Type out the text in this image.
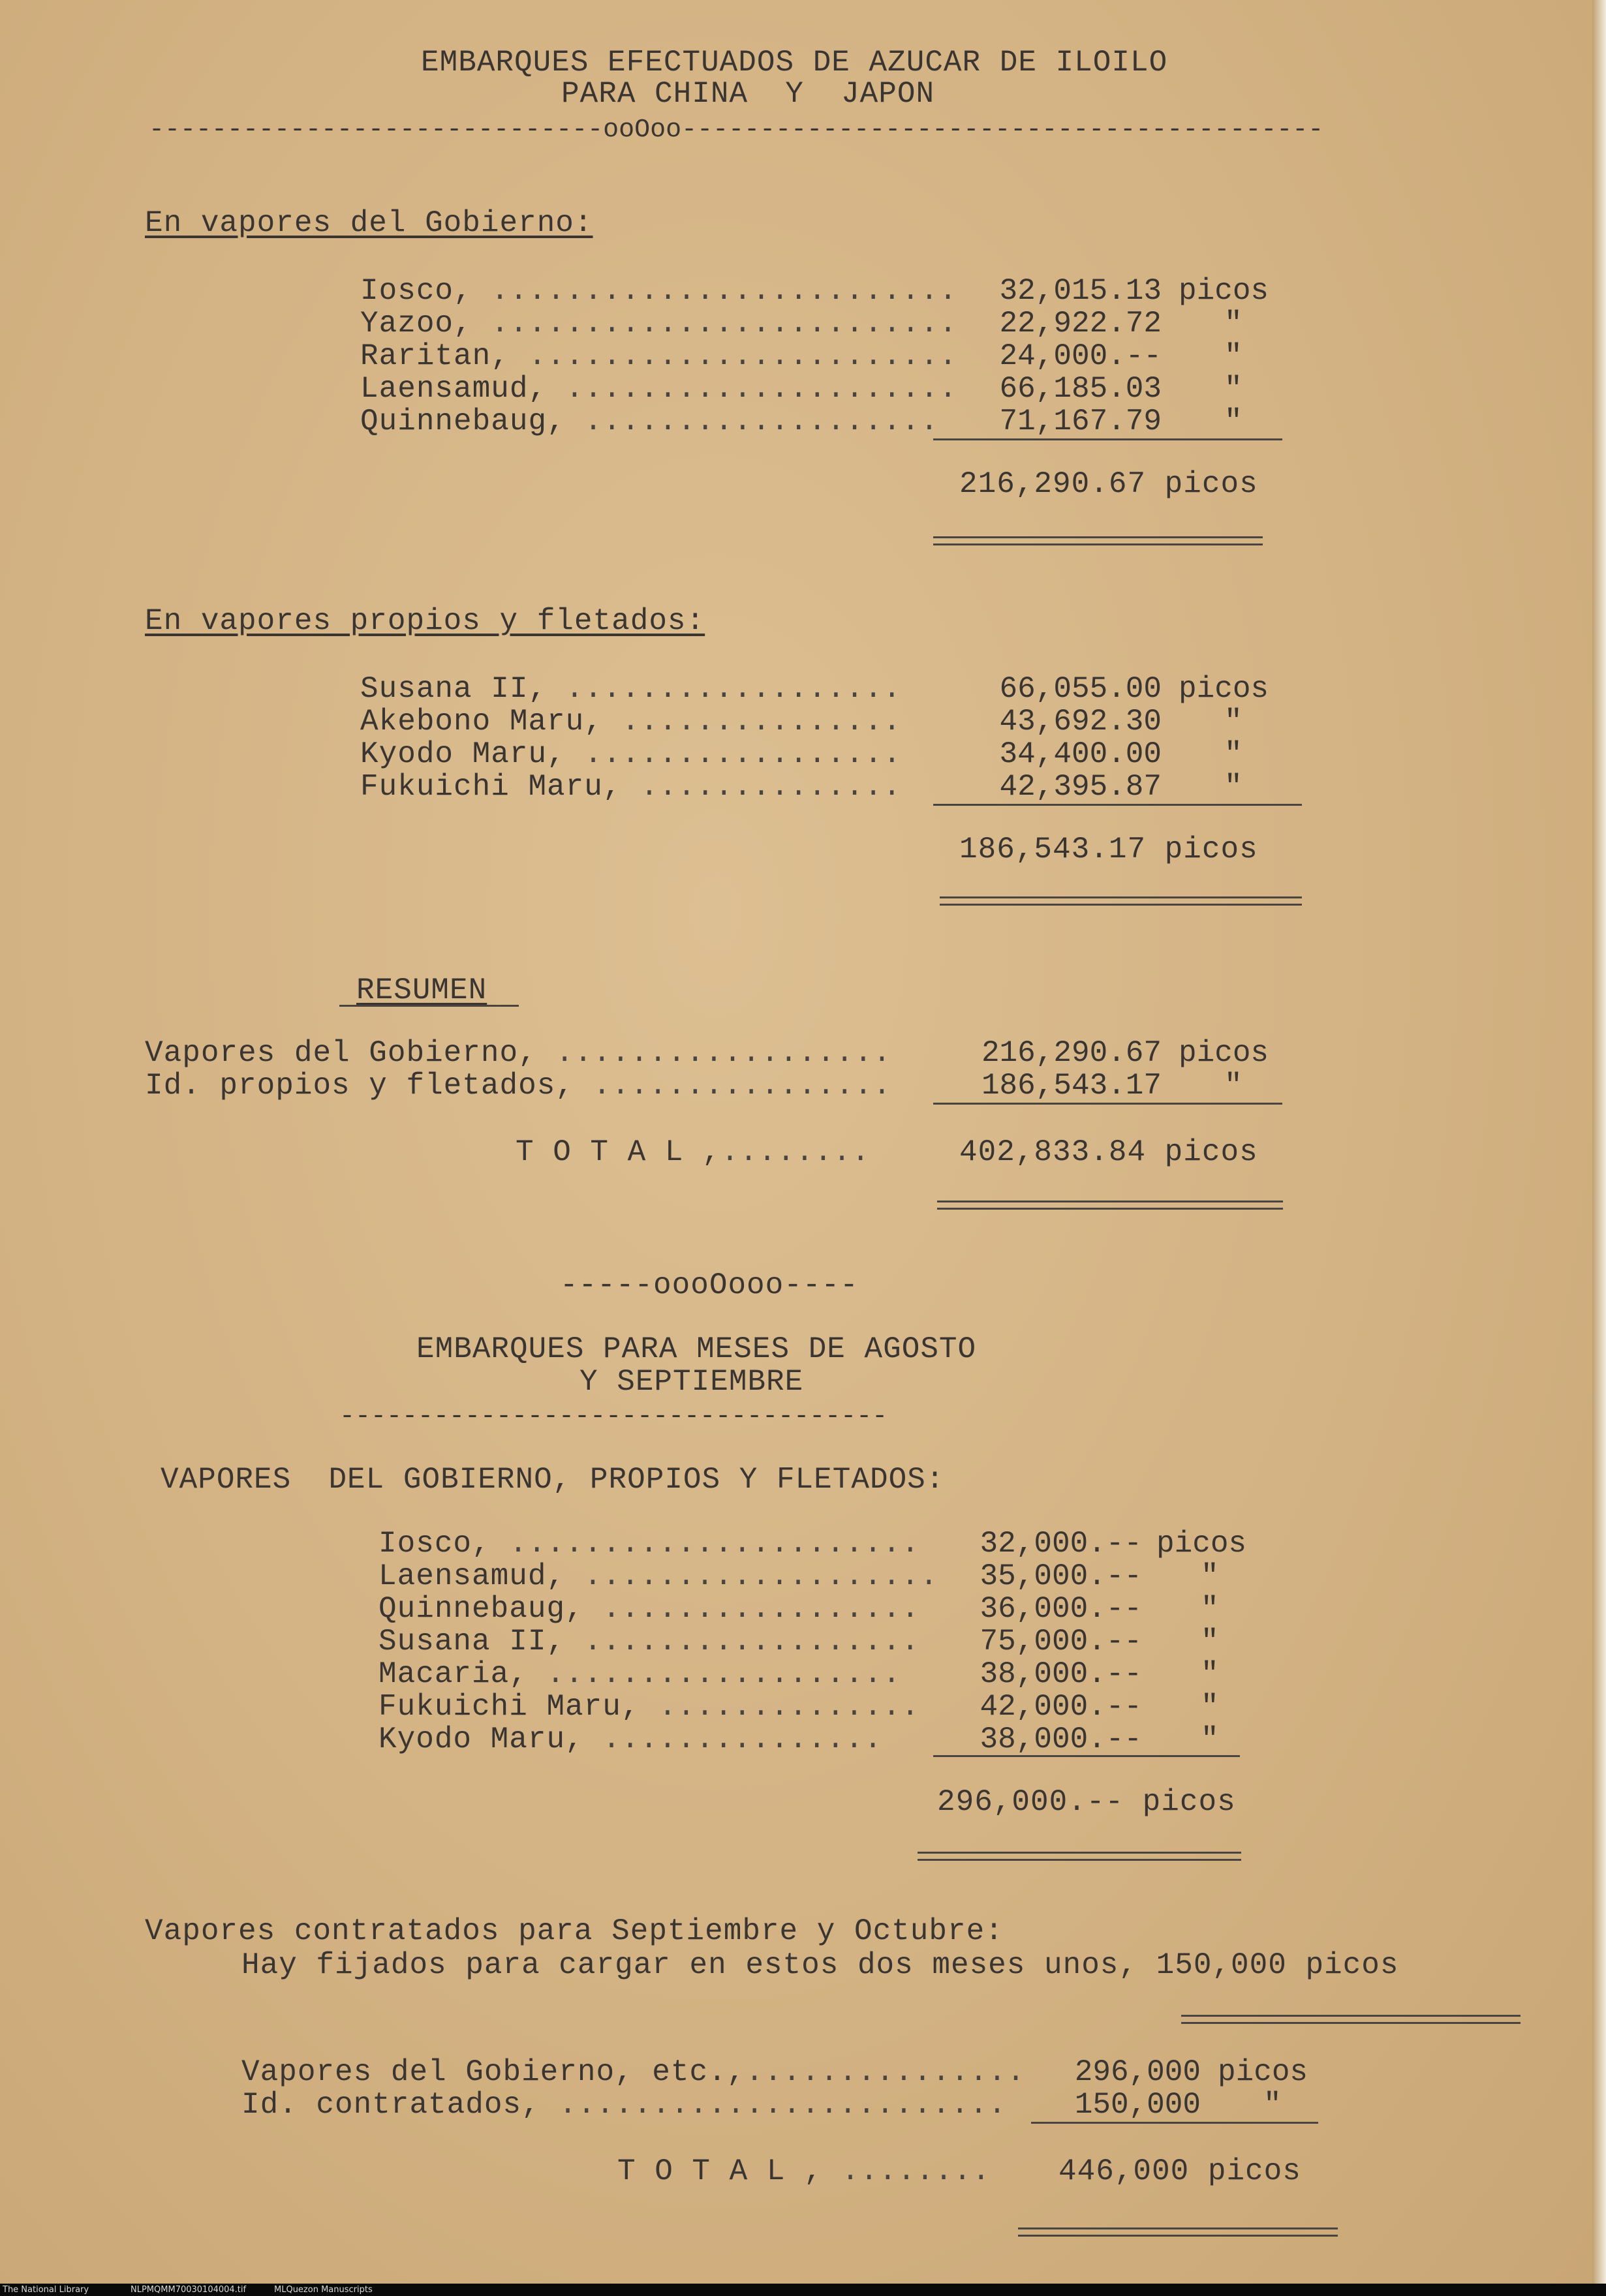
EMBARQUES EFECTUADOS DE AZUCAR DE ILOILO
PARA CHINA  Y  JAPON
-----------------------------ooOoo-----------------------------------------
En vapores del Gobierno:
Iosco, .........................	32,015.13 picos
Yazoo, .........................	22,922.72 "
Raritan, .......................	24,000.-- "
Laensamud, .....................	66,185.03 "
Quinnebaug, ...................	71,167.79 "
216,290.67 picos
En vapores propios y fletados:
Susana II, ..................	66,055.00 picos
Akebono Maru, ...............	43,692.30 "
Kyodo Maru, .................	34,400.00 "
Fukuichi Maru, ..............	42,395.87 "
186,543.17 picos
RESUMEN
Vapores del Gobierno, ..................	216,290.67 picos
Id. propios y fletados, ................	186,543.17 "
T O T A L ,........	402,833.84 picos
-----oooOooo----
EMBARQUES PARA MESES DE AGOSTO
Y SEPTIEMBRE
-----------------------------------
VAPORES  DEL GOBIERNO, PROPIOS Y FLETADOS:
Iosco, ......................	32,000.-- picos
Laensamud, ...................	35,000.-- "
Quinnebaug, .................	36,000.-- "
Susana II, ..................	75,000.-- "
Macaria, ...................	38,000.-- "
Fukuichi Maru, ..............	42,000.-- "
Kyodo Maru, ...............	38,000.-- "
296,000.-- picos
Vapores contratados para Septiembre y Octubre:
Hay fijados para cargar en estos dos meses unos, 150,000 picos
Vapores del Gobierno, etc.,...............	296,000 picos
Id. contratados, ........................	150,000 "
T O T A L , ........ 446,000 picos
The National Library	NLPMQMM70030104004.tif	MLQuezon Manuscripts
